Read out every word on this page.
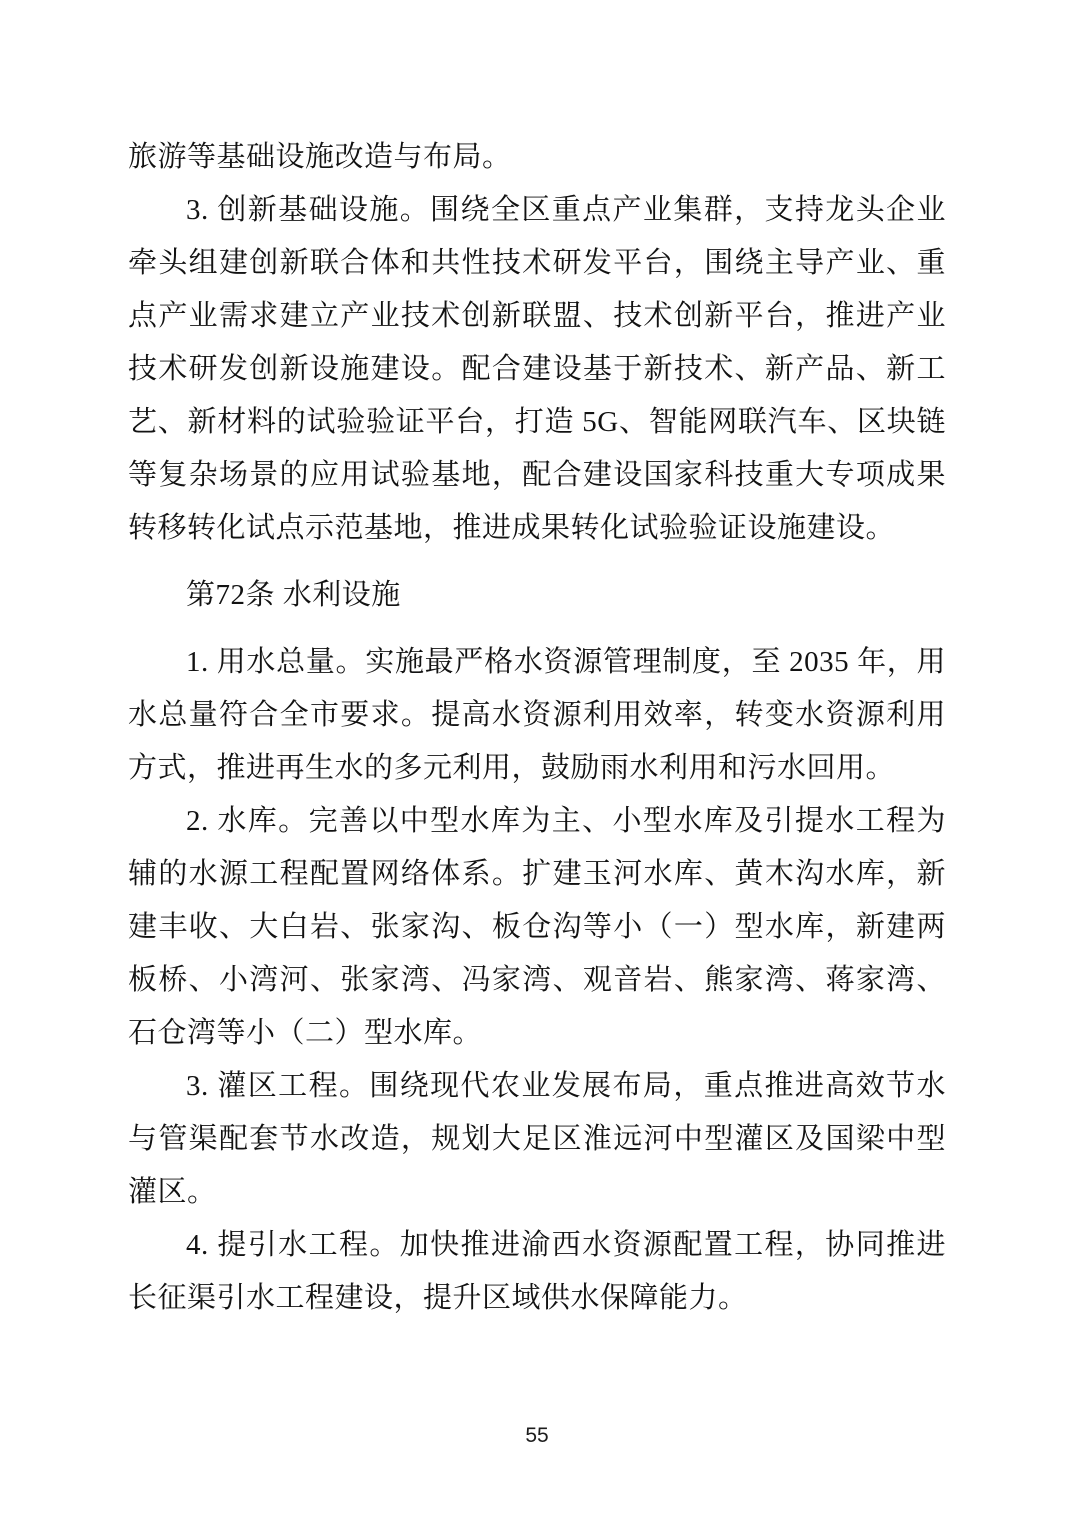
旅游等基础设施改造与布局。

3. 创新基础设施。围绕全区重点产业集群，支持龙头企业牵头组建创新联合体和共性技术研发平台，围绕主导产业、重点产业需求建立产业技术创新联盟、技术创新平台，推进产业技术研发创新设施建设。配合建设基于新技术、新产品、新工艺、新材料的试验验证平台，打造 5G、智能网联汽车、区块链等复杂场景的应用试验基地，配合建设国家科技重大专项成果转移转化试点示范基地，推进成果转化试验验证设施建设。

第72条 水利设施

1. 用水总量。实施最严格水资源管理制度，至 2035 年，用水总量符合全市要求。提高水资源利用效率，转变水资源利用方式，推进再生水的多元利用，鼓励雨水利用和污水回用。

2. 水库。完善以中型水库为主、小型水库及引提水工程为辅的水源工程配置网络体系。扩建玉河水库、黄木沟水库，新建丰收、大白岩、张家沟、板仓沟等小（一）型水库，新建两板桥、小湾河、张家湾、冯家湾、观音岩、熊家湾、蒋家湾、石仓湾等小（二）型水库。

3. 灌区工程。围绕现代农业发展布局，重点推进高效节水与管渠配套节水改造，规划大足区淮远河中型灌区及国梁中型灌区。

4. 提引水工程。加快推进渝西水资源配置工程，协同推进长征渠引水工程建设，提升区域供水保障能力。

55
